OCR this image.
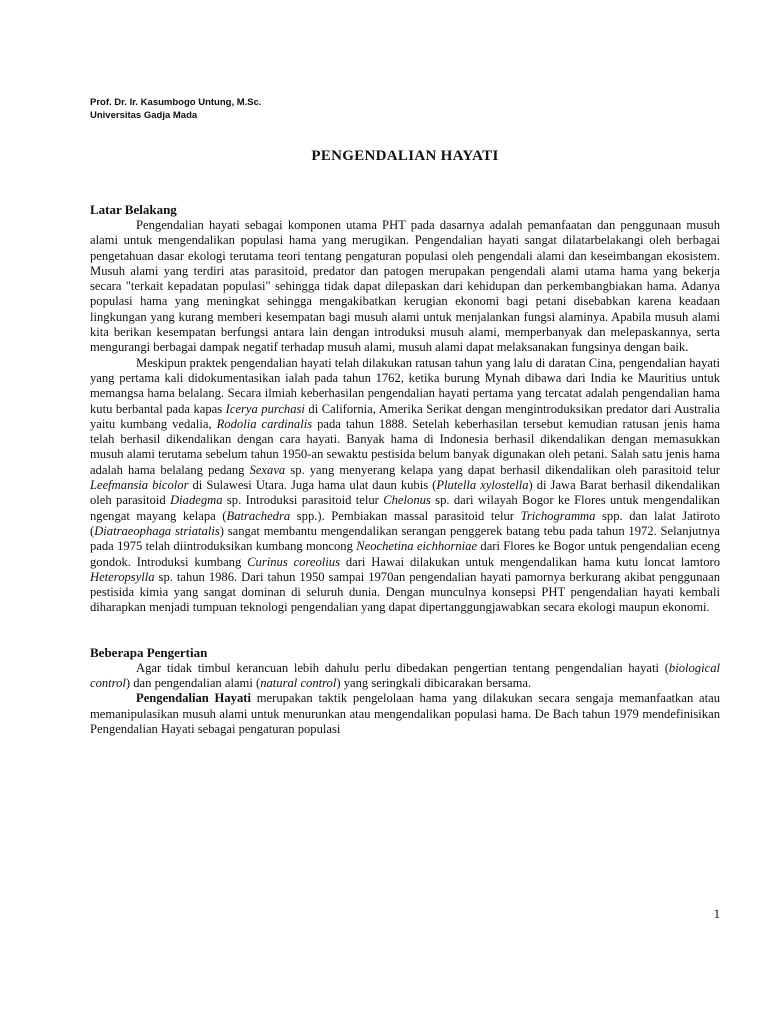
Prof. Dr. Ir. Kasumbogo Untung, M.Sc.
Universitas Gadja Mada
PENGENDALIAN HAYATI
Latar Belakang

Pengendalian hayati sebagai komponen utama PHT pada dasarnya adalah pemanfaatan dan penggunaan musuh alami untuk mengendalikan populasi hama yang merugikan. Pengendalian hayati sangat dilatarbelakangi oleh berbagai pengetahuan dasar ekologi terutama teori tentang pengaturan populasi oleh pengendali alami dan keseimbangan ekosistem. Musuh alami yang terdiri atas parasitoid, predator dan patogen merupakan pengendali alami utama hama yang bekerja secara "terkait kepadatan populasi" sehingga tidak dapat dilepaskan dari kehidupan dan perkembangbiakan hama. Adanya populasi hama yang meningkat sehingga mengakibatkan kerugian ekonomi bagi petani disebabkan karena keadaan lingkungan yang kurang memberi kesempatan bagi musuh alami untuk menjalankan fungsi alaminya. Apabila musuh alami kita berikan kesempatan berfungsi antara lain dengan introduksi musuh alami, memperbanyak dan melepaskannya, serta mengurangi berbagai dampak negatif terhadap musuh alami, musuh alami dapat melaksanakan fungsinya dengan baik.

Meskipun praktek pengendalian hayati telah dilakukan ratusan tahun yang lalu di daratan Cina, pengendalian hayati yang pertama kali didokumentasikan ialah pada tahun 1762, ketika burung Mynah dibawa dari India ke Mauritius untuk memangsa hama belalang. Secara ilmiah keberhasilan pengendalian hayati pertama yang tercatat adalah pengendalian hama kutu berbantal pada kapas Icerya purchasi di California, Amerika Serikat dengan mengintroduksikan predator dari Australia yaitu kumbang vedalia, Rodolia cardinalis pada tahun 1888. Setelah keberhasilan tersebut kemudian ratusan jenis hama telah berhasil dikendalikan dengan cara hayati. Banyak hama di Indonesia berhasil dikendalikan dengan memasukkan musuh alami terutama sebelum tahun 1950-an sewaktu pestisida belum banyak digunakan oleh petani. Salah satu jenis hama adalah hama belalang pedang Sexava sp. yang menyerang kelapa yang dapat berhasil dikendalikan oleh parasitoid telur Leefmansia bicolor di Sulawesi Utara. Juga hama ulat daun kubis (Plutella xylostella) di Jawa Barat berhasil dikendalikan oleh parasitoid Diadegma sp. Introduksi parasitoid telur Chelonus sp. dari wilayah Bogor ke Flores untuk mengendalikan ngengat mayang kelapa (Batrachedra spp.). Pembiakan massal parasitoid telur Trichogramma spp. dan lalat Jatiroto (Diatraeophaga striatalis) sangat membantu mengendalikan serangan penggerek batang tebu pada tahun 1972. Selanjutnya pada 1975 telah diintroduksikan kumbang moncong Neochetina eichhorniae dari Flores ke Bogor untuk pengendalian eceng gondok. Introduksi kumbang Curinus coreolius dari Hawai dilakukan untuk mengendalikan hama kutu loncat lamtoro Heteropsylla sp. tahun 1986. Dari tahun 1950 sampai 1970an pengendalian hayati pamornya berkurang akibat penggunaan pestisida kimia yang sangat dominan di seluruh dunia. Dengan munculnya konsepsi PHT pengendalian hayati kembali diharapkan menjadi tumpuan teknologi pengendalian yang dapat dipertanggungjawabkan secara ekologi maupun ekonomi.

Beberapa Pengertian

Agar tidak timbul kerancuan lebih dahulu perlu dibedakan pengertian tentang pengendalian hayati (biological control) dan pengendalian alami (natural control) yang seringkali dibicarakan bersama.

Pengendalian Hayati merupakan taktik pengelolaan hama yang dilakukan secara sengaja memanfaatkan atau memanipulasikan musuh alami untuk menurunkan atau mengendalikan populasi hama. De Bach tahun 1979 mendefinisikan Pengendalian Hayati sebagai pengaturan populasi

1
